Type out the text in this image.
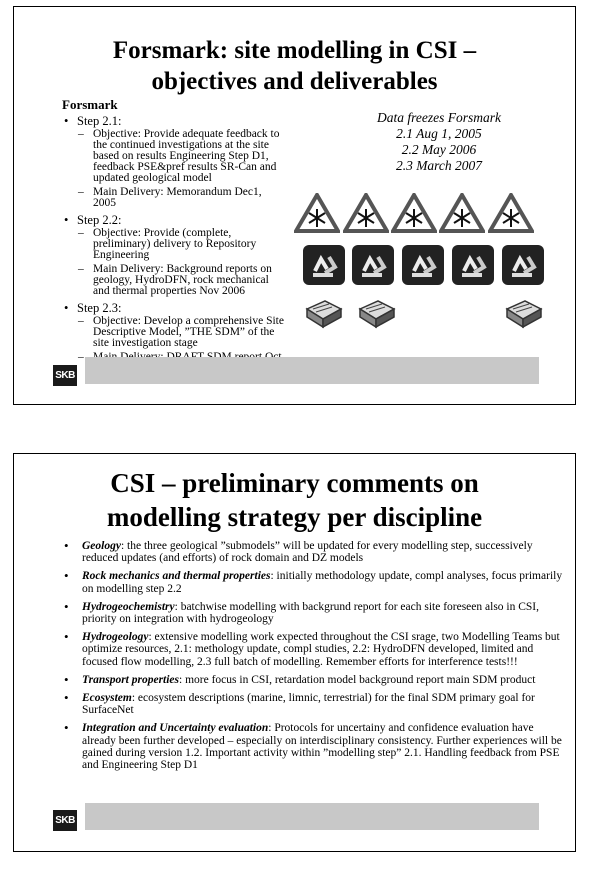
Forsmark: site modelling in CSI –
objectives and deliverables
Forsmark
• Step 2.1:
– Objective: Provide adequate feedback to the continued investigations at the site based on results Engineering Step D1, feedback PSE&pref results SR-Can and updated geological model
– Main Delivery: Memorandum Dec1, 2005
• Step 2.2:
– Objective: Provide (complete, preliminary) delivery to Repository Engineering
– Main Delivery: Background reports on geology, HydroDFN, rock mechanical and thermal properties Nov 2006
• Step 2.3:
– Objective: Develop a comprehensive Site Descriptive Model, ”THE SDM” of the site investigation stage
–
Data freezes Forsmark
2.1 Aug 1, 2005
2.2 May 2006
2.3 March 2007
SKB
CSI – preliminary comments on
modelling strategy per discipline
• Geology: the three geological ”submodels” will be updated for every modelling step, successively reduced updates (and efforts) of rock domain and DZ models
• Rock mechanics and thermal properties: initially methodology update, compl analyses, focus primarily on modelling step 2.2
• Hydrogeochemistry: batchwise modelling with backgrund report for each site foreseen also in CSI, priority on integration with hydrogeology
• Hydrogeology: extensive modelling work expected throughout the CSI srage, two Modelling Teams but optimize resources, 2.1: methology update, compl studies, 2.2: HydroDFN developed, limited and focused flow modelling, 2.3 full batch of modelling. Remember efforts for interference tests!!!
• Transport properties: more focus in CSI, retardation model background report main SDM product
• Ecosystem: ecosystem descriptions (marine, limnic, terrestrial) for the final SDM primary goal for SurfaceNet
• Integration and Uncertainty evaluation: Protocols for uncertainy and confidence evaluation have already been further developed – especially on interdisciplinary consistency. Further experiences will be gained during version 1.2. Important activity within ”modelling step” 2.1. Handling feedback from PSE and Engineering Step D1
SKB
